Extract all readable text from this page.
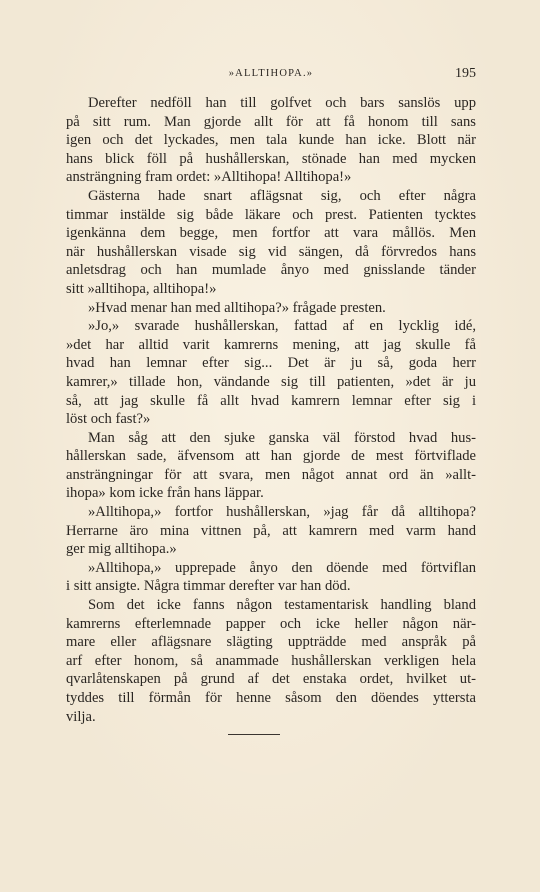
»ALLTIHOPA.»	195
Derefter nedföll han till golfvet och bars sanslös upp
på sitt rum. Man gjorde allt för att få honom till sans
igen och det lyckades, men tala kunde han icke. Blott när
hans blick föll på hushållerskan, stönade han med mycken
ansträngning fram ordet: »Alltihopa! Alltihopa!»
Gästerna hade snart aflägsnat sig, och efter några
timmar instälde sig både läkare och prest. Patienten tycktes
igenkänna dem begge, men fortfor att vara mållös. Men
när hushållerskan visade sig vid sängen, då förvredos hans
anletsdrag och han mumlade ånyo med gnisslande tänder
sitt »alltihopa, alltihopa!»
»Hvad menar han med alltihopa?» frågade presten.
»Jo,» svarade hushållerskan, fattad af en lycklig idé,
»det har alltid varit kamrerns mening, att jag skulle få
hvad han lemnar efter sig... Det är ju så, goda herr
kamrer,» tillade hon, vändande sig till patienten, »det är ju
så, att jag skulle få allt hvad kamrern lemnar efter sig i
löst och fast?»
Man såg att den sjuke ganska väl förstod hvad hus-
hållerskan sade, äfvensom att han gjorde de mest förtviflade
ansträngningar för att svara, men något annat ord än »allt-
ihopa» kom icke från hans läppar.
»Alltihopa,» fortfor hushållerskan, »jag får då alltihopa?
Herrarne äro mina vittnen på, att kamrern med varm hand
ger mig alltihopa.»
»Alltihopa,» upprepade ånyo den döende med förtviflan
i sitt ansigte. Några timmar derefter var han död.
Som det icke fanns någon testamentarisk handling bland
kamrerns efterlemnade papper och icke heller någon när-
mare eller aflägsnare slägting uppträdde med anspråk på
arf efter honom, så anammade hushållerskan verkligen hela
qvarlåtenskapen på grund af det enstaka ordet, hvilket ut-
tyddes till förmån för henne såsom den döendes yttersta
vilja.
